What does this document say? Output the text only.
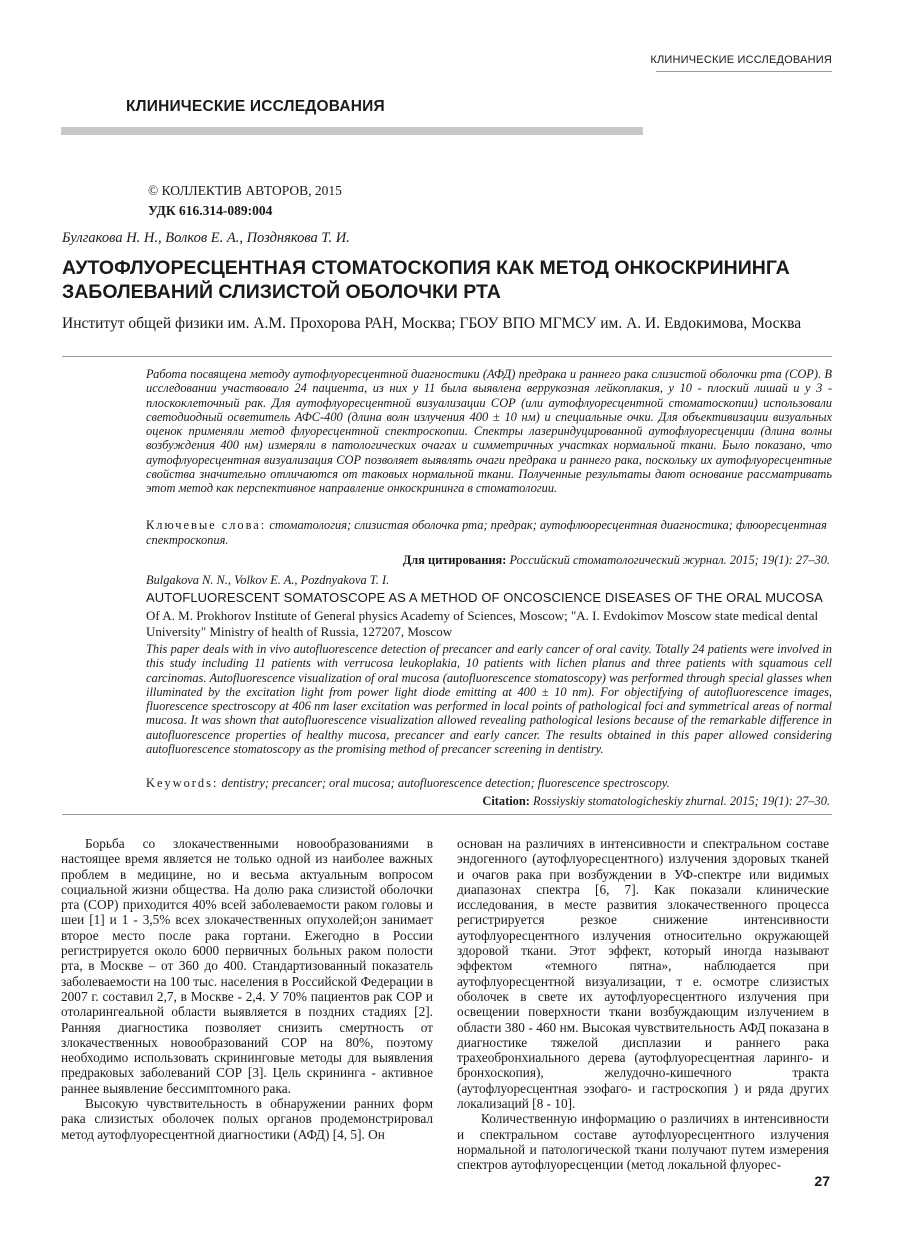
КЛИНИЧЕСКИЕ ИССЛЕДОВАНИЯ
КЛИНИЧЕСКИЕ ИССЛЕДОВАНИЯ
© КОЛЛЕКТИВ АВТОРОВ, 2015
УДК 616.314-089:004
Булгакова Н. Н., Волков Е. А., Позднякова Т. И.
АУТОФЛУОРЕСЦЕНТНАЯ СТОМАТОСКОПИЯ КАК МЕТОД ОНКОСКРИНИНГА ЗАБОЛЕВАНИЙ СЛИЗИСТОЙ ОБОЛОЧКИ РТА
Институт общей физики им. А.М. Прохорова РАН, Москва; ГБОУ ВПО МГМСУ им. А. И. Евдокимова, Москва
Работа посвящена методу аутофлуоресцентной диагностики (АФД) предрака и раннего рака слизистой оболочки рта (СОР). В исследовании участвовало 24 пациента, из них у 11 была выявлена веррукозная лейкоплакия, у 10 - плоский лишай и у 3 - плоскоклеточный рак. Для аутофлуоресцентной визуализации СОР (или аутофлуоресцентной стоматоскопии) использовали светодиодный осветитель АФС-400 (длина волн излучения 400 ± 10 нм) и специальные очки. Для объективизации визуальных оценок применяли метод флуоресцентной спектроскопии. Спектры лазериндуцированной аутофлуоресценции (длина волны возбуждения 400 нм) измеряли в патологических очагах и симметричных участках нормальной ткани. Было показано, что аутофлуоресцентная визуализация СОР позволяет выявлять очаги предрака и раннего рака, поскольку их аутофлуоресцентные свойства значительно отличаются от таковых нормальной ткани. Полученные результаты дают основание рассматривать этот метод как перспективное направление онкоскрининга в стоматологии.
Ключевые слова: стоматология; слизистая оболочка рта; предрак; аутофлюоресцентная диагностика; флюоресцентная спектроскопия.
Для цитирования: Российский стоматологический журнал. 2015; 19(1): 27–30.
Bulgakova N. N., Volkov E. A., Pozdnyakova T. I.
AUTOFLUORESCENT SOMATOSCOPE AS A METHOD OF ONCOSCIENCE DISEASES OF THE ORAL MUCOSA
Of A. M. Prokhorov Institute of General physics Academy of Sciences, Moscow; "A. I. Evdokimov Moscow state medical dental University" Ministry of health of Russia, 127207, Moscow
This paper deals with in vivo autofluorescence detection of precancer and early cancer of oral cavity. Totally 24 patients were involved in this study including 11 patients with verrucosa leukoplakia, 10 patients with lichen planus and three patients with squamous cell carcinomas. Autofluorescence visualization of oral mucosa (autofluorescence stomatoscopy) was performed through special glasses when illuminated by the excitation light from power light diode emitting at 400 ± 10 nm). For objectifying of autofluorescence images, fluorescence spectroscopy at 406 nm laser excitation was performed in local points of pathological foci and symmetrical areas of normal mucosa. It was shown that autofluorescence visualization allowed revealing pathological lesions because of the remarkable difference in autofluorescence properties of healthy mucosa, precancer and early cancer. The results obtained in this paper allowed considering autofluorescence stomatoscopy as the promising method of precancer screening in dentistry.
Keywords: dentistry; precancer; oral mucosa; autofluorescence detection; fluorescence spectroscopy.
Citation: Rossiyskiy stomatologicheskiy zhurnal. 2015; 19(1): 27–30.

Борьба со злокачественными новообразованиями в настоящее время является не только одной из наиболее важных проблем в медицине, но и весьма актуальным вопросом социальной жизни общества. На долю рака слизистой оболочки рта (СОР) приходится 40% всей заболеваемости раком головы и шеи [1] и 1 - 3,5% всех злокачественных опухолей;он занимает второе место после рака гортани. Ежегодно в России регистрируется около 6000 первичных больных раком полости рта, в Москве – от 360 до 400. Стандартизованный показатель заболеваемости на 100 тыс. населения в Российской Федерации в 2007 г. составил 2,7, в Москве - 2,4. У 70% пациентов рак СОР и отоларингеальной области выявляется в поздних стадиях [2]. Ранняя диагностика позволяет снизить смертность от злокачественных новообразований СОР на 80%, поэтому необходимо использовать скрининговые методы для выявления предраковых заболеваний СОР [3]. Цель скрининга - активное раннее выявление бессимптомного рака.

Высокую чувствительность в обнаружении ранних форм рака слизистых оболочек полых органов продемонстрировал метод аутофлуоресцентной диагностики (АФД) [4, 5]. Он

основан на различиях в интенсивности и спектральном составе эндогенного (аутофлуоресцентного) излучения здоровых тканей и очагов рака при возбуждении в УФ-спектре или видимых диапазонах спектра [6, 7]. Как показали клинические исследования, в месте развития злокачественного процесса регистрируется резкое снижение интенсивности аутофлуоресцентного излучения относительно окружающей здоровой ткани. Этот эффект, который иногда называют эффектом «темного пятна», наблюдается при аутофлуоресцентной визуализации, т е. осмотре слизистых оболочек в свете их аутофлуоресцентного излучения при освещении поверхности ткани возбуждающим излучением в области 380 - 460 нм. Высокая чувствительность АФД показана в диагностике тяжелой дисплазии и раннего рака трахеобронхиального дерева (аутофлуоресцентная ларинго- и бронхоскопия), желудочно-кишечного тракта (аутофлуоресцентная эзофаго- и гастроскопия ) и ряда других локализаций [8 - 10].

Количественную информацию о различиях в интенсивности и спектральном составе аутофлуоресцентного излучения нормальной и патологической ткани получают путем измерения спектров аутофлуоресценции (метод локальной флуорес-

27
